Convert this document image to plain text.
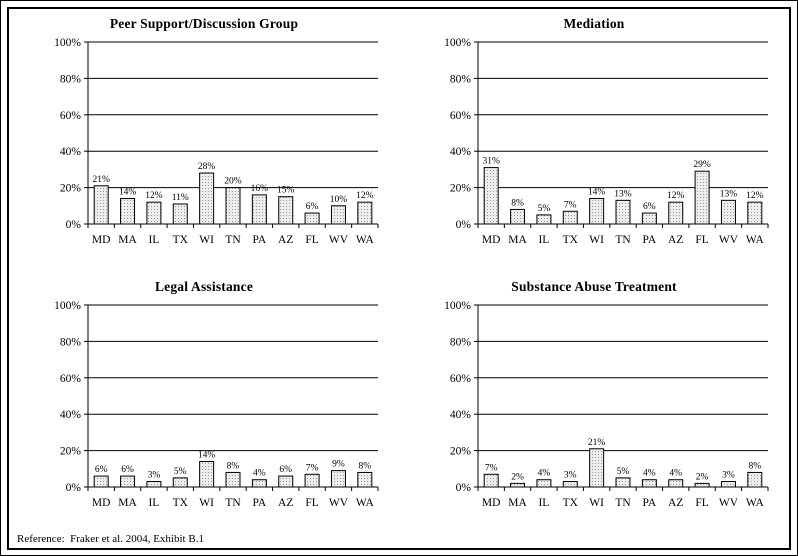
Peer Support/Discussion Group
0%
20%
40%
60%
80%
100%
21%
MD
14%
MA
12%
IL
11%
TX
28%
WI
20%
TN
16%
PA
15%
AZ
6%
FL
10%
WV
12%
WA
Mediation
0%
20%
40%
60%
80%
100%
31%
MD
8%
MA
5%
IL
7%
TX
14%
WI
13%
TN
6%
PA
12%
AZ
29%
FL
13%
WV
12%
WA
Legal Assistance
0%
20%
40%
60%
80%
100%
6%
MD
6%
MA
3%
IL
5%
TX
14%
WI
8%
TN
4%
PA
6%
AZ
7%
FL
9%
WV
8%
WA
Substance Abuse Treatment
0%
20%
40%
60%
80%
100%
7%
MD
2%
MA
4%
IL
3%
TX
21%
WI
5%
TN
4%
PA
4%
AZ
2%
FL
3%
WV
8%
WA
Reference:  Fraker et al. 2004, Exhibit B.1
